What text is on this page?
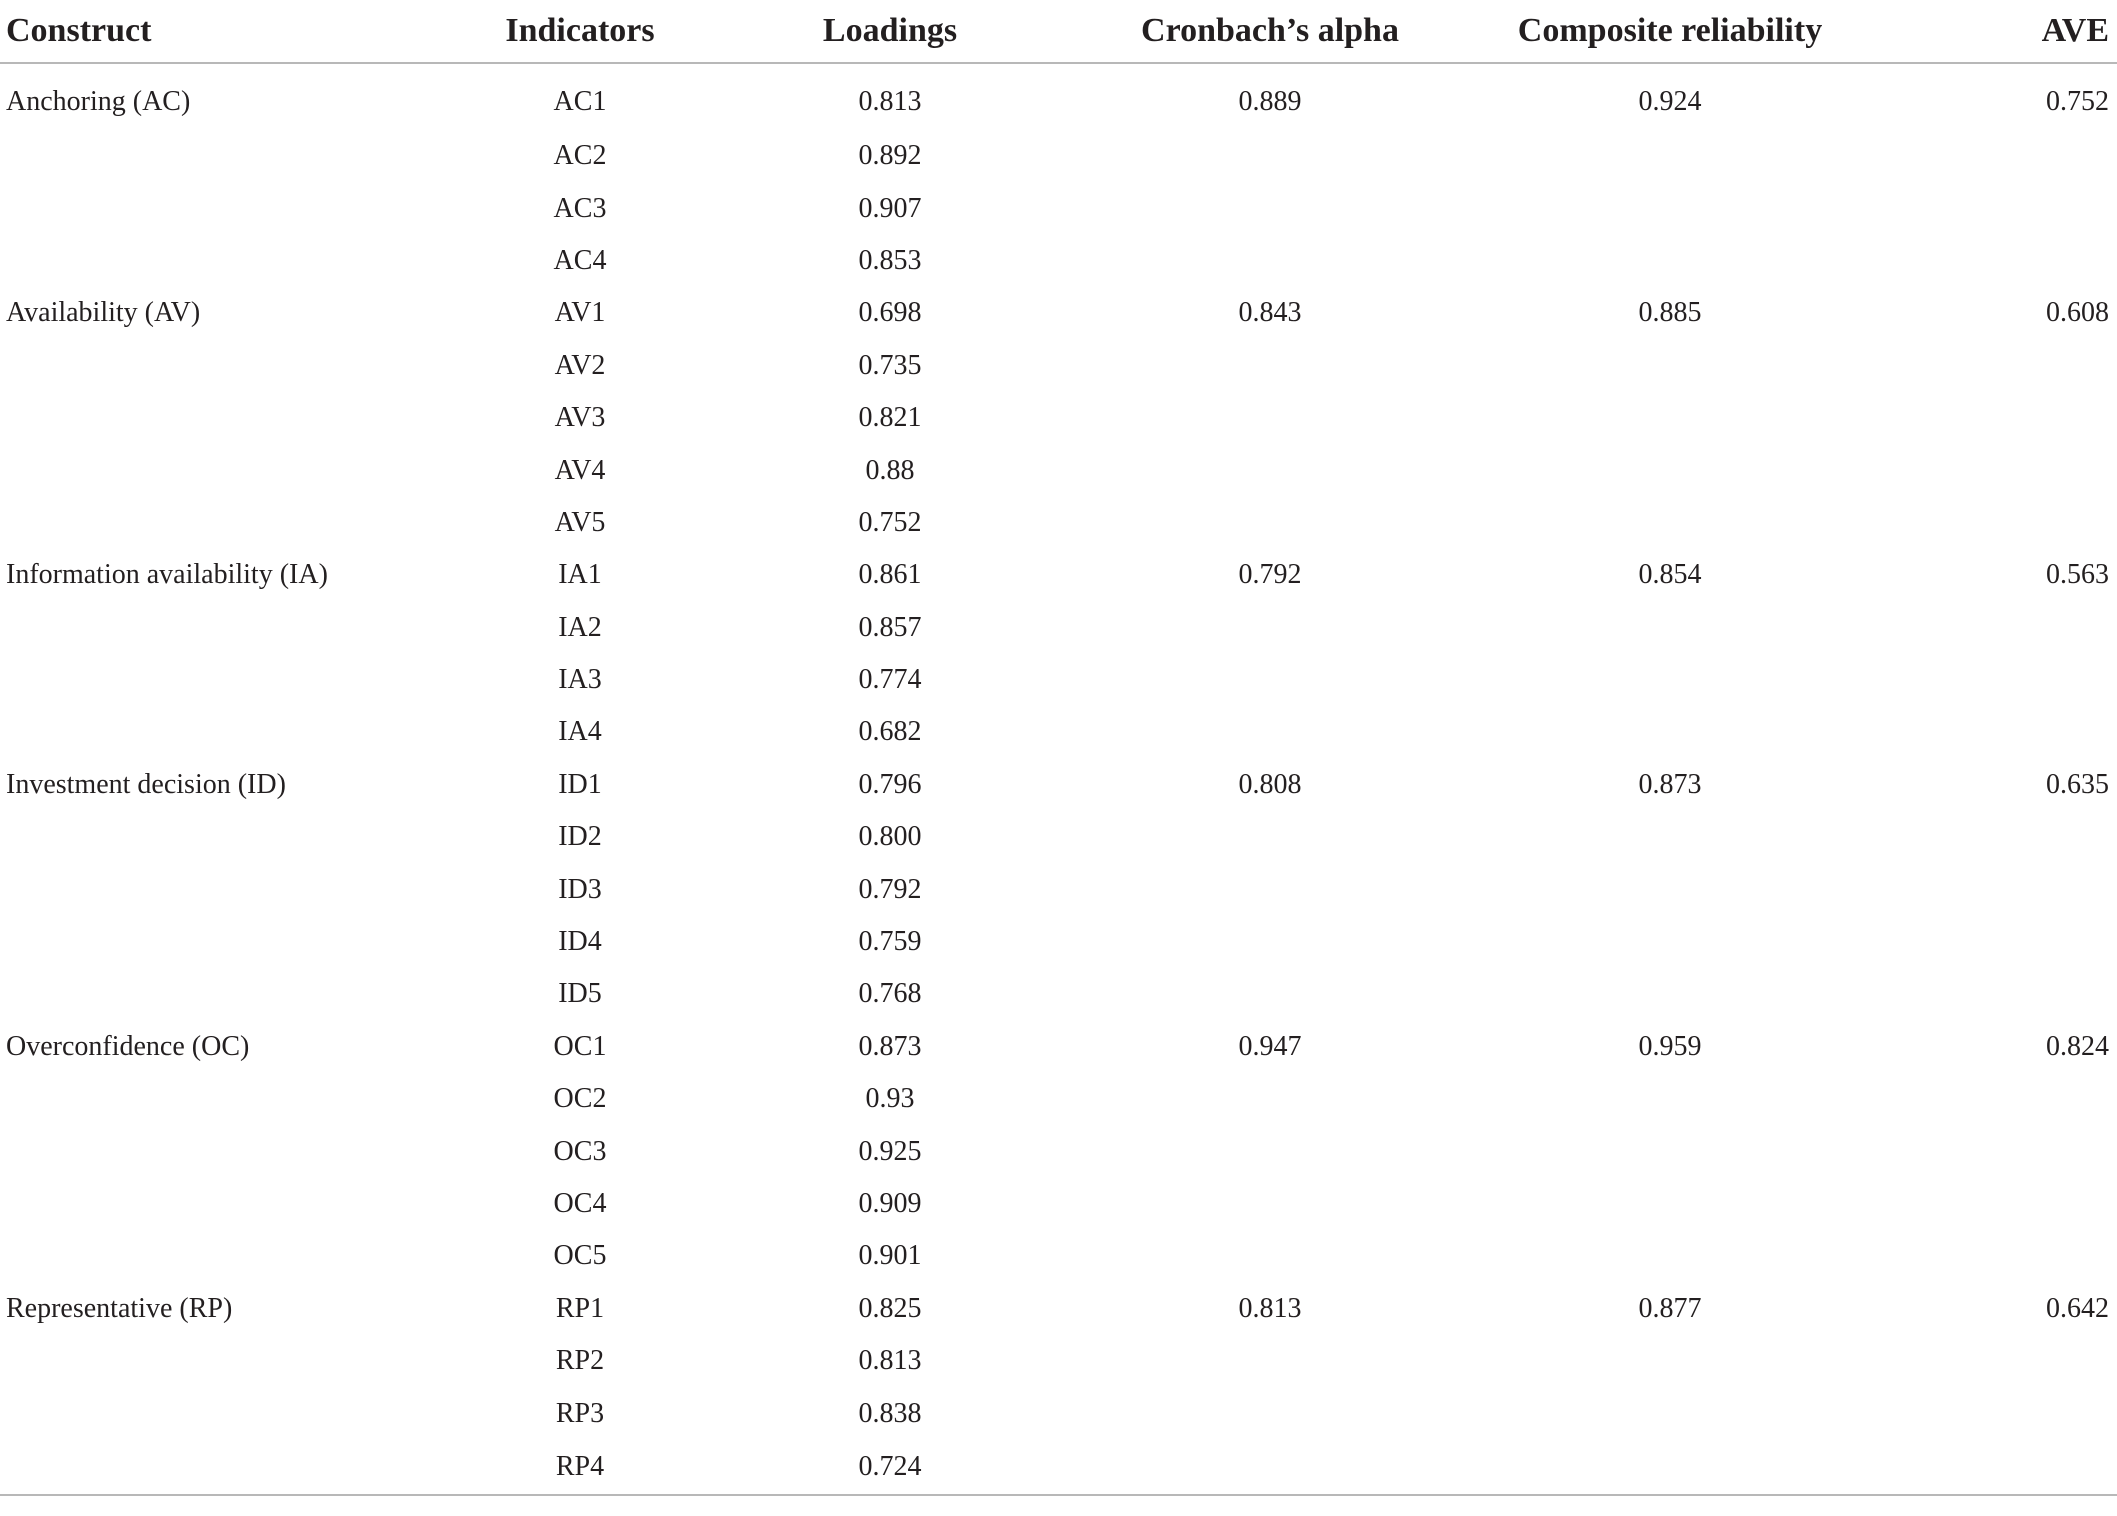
Construct	Indicators	Loadings	Cronbach’s alpha	Composite reliability	AVE
Anchoring (AC)	AC1	0.813	0.889	0.924	0.752
	AC2	0.892			
	AC3	0.907			
	AC4	0.853			
Availability (AV)	AV1	0.698	0.843	0.885	0.608
	AV2	0.735			
	AV3	0.821			
	AV4	0.88			
	AV5	0.752			
Information availability (IA)	IA1	0.861	0.792	0.854	0.563
	IA2	0.857			
	IA3	0.774			
	IA4	0.682			
Investment decision (ID)	ID1	0.796	0.808	0.873	0.635
	ID2	0.800			
	ID3	0.792			
	ID4	0.759			
	ID5	0.768			
Overconfidence (OC)	OC1	0.873	0.947	0.959	0.824
	OC2	0.93			
	OC3	0.925			
	OC4	0.909			
	OC5	0.901			
Representative (RP)	RP1	0.825	0.813	0.877	0.642
	RP2	0.813			
	RP3	0.838			
	RP4	0.724			
